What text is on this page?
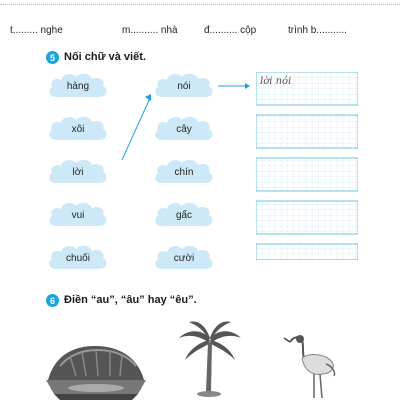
t......... nghe	m.......... nhà	đ.......... cộp	trình b...........
5 Nối chữ và viết.
hàng
xôi
lời
vui
chuối
nói
cây
chín
gấc
cười
lời nói
6 Điền “au”, “âu” hay “êu”.
